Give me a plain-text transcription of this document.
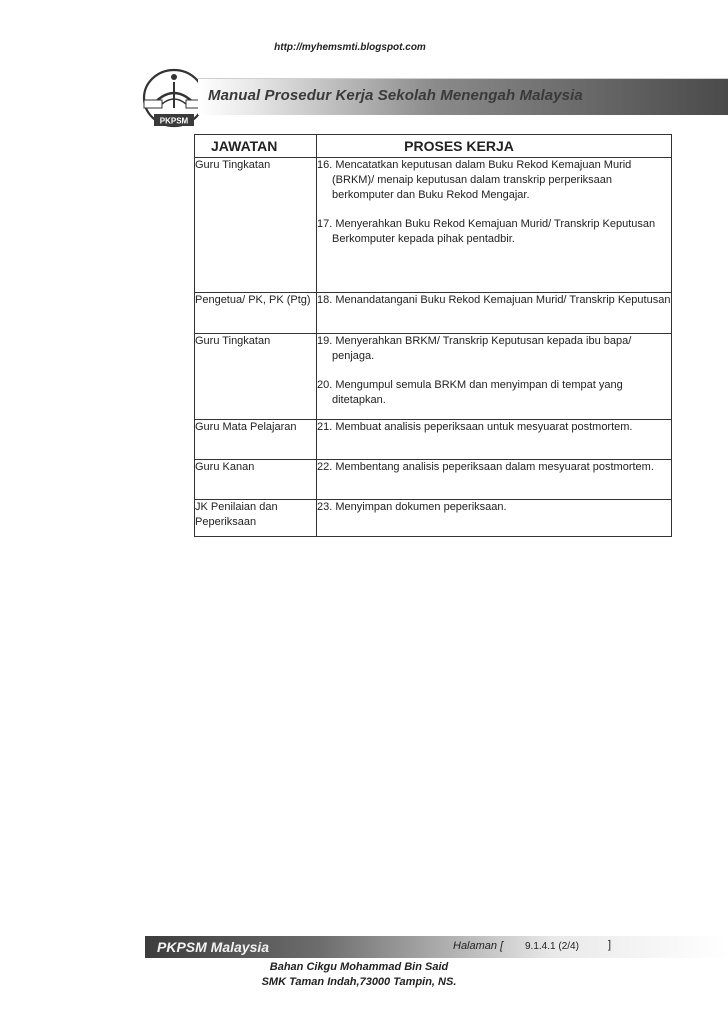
http://myhemsmti.blogspot.com
PKPSM
Manual Prosedur Kerja Sekolah Menengah Malaysia
JAWATAN	PROSES KERJA
Guru Tingkatan	16. Mencatatkan keputusan dalam Buku Rekod Kemajuan Murid (BRKM)/ menaip keputusan dalam transkrip perperiksaan berkomputer dan Buku Rekod Mengajar.
17. Menyerahkan Buku Rekod Kemajuan Murid/ Transkrip Keputusan Berkomputer kepada pihak pentadbir.

Pengetua/ PK, PK (Ptg)	18. Menandatangani Buku Rekod Kemajuan Murid/ Transkrip Keputusan

Guru Tingkatan	19. Menyerahkan BRKM/ Transkrip Keputusan kepada ibu bapa/ penjaga.
20. Mengumpul semula BRKM dan menyimpan di tempat yang ditetapkan.

Guru Mata Pelajaran	21. Membuat analisis peperiksaan untuk mesyuarat postmortem.

Guru Kanan	22. Membentang analisis peperiksaan dalam mesyuarat postmortem.

JK Penilaian dan Peperiksaan	23. Menyimpan dokumen peperiksaan.
PKPSM Malaysia	Halaman [ 9.1.4.1 (2/4)	]
Bahan Cikgu Mohammad Bin Said
SMK Taman Indah,73000 Tampin, NS.
